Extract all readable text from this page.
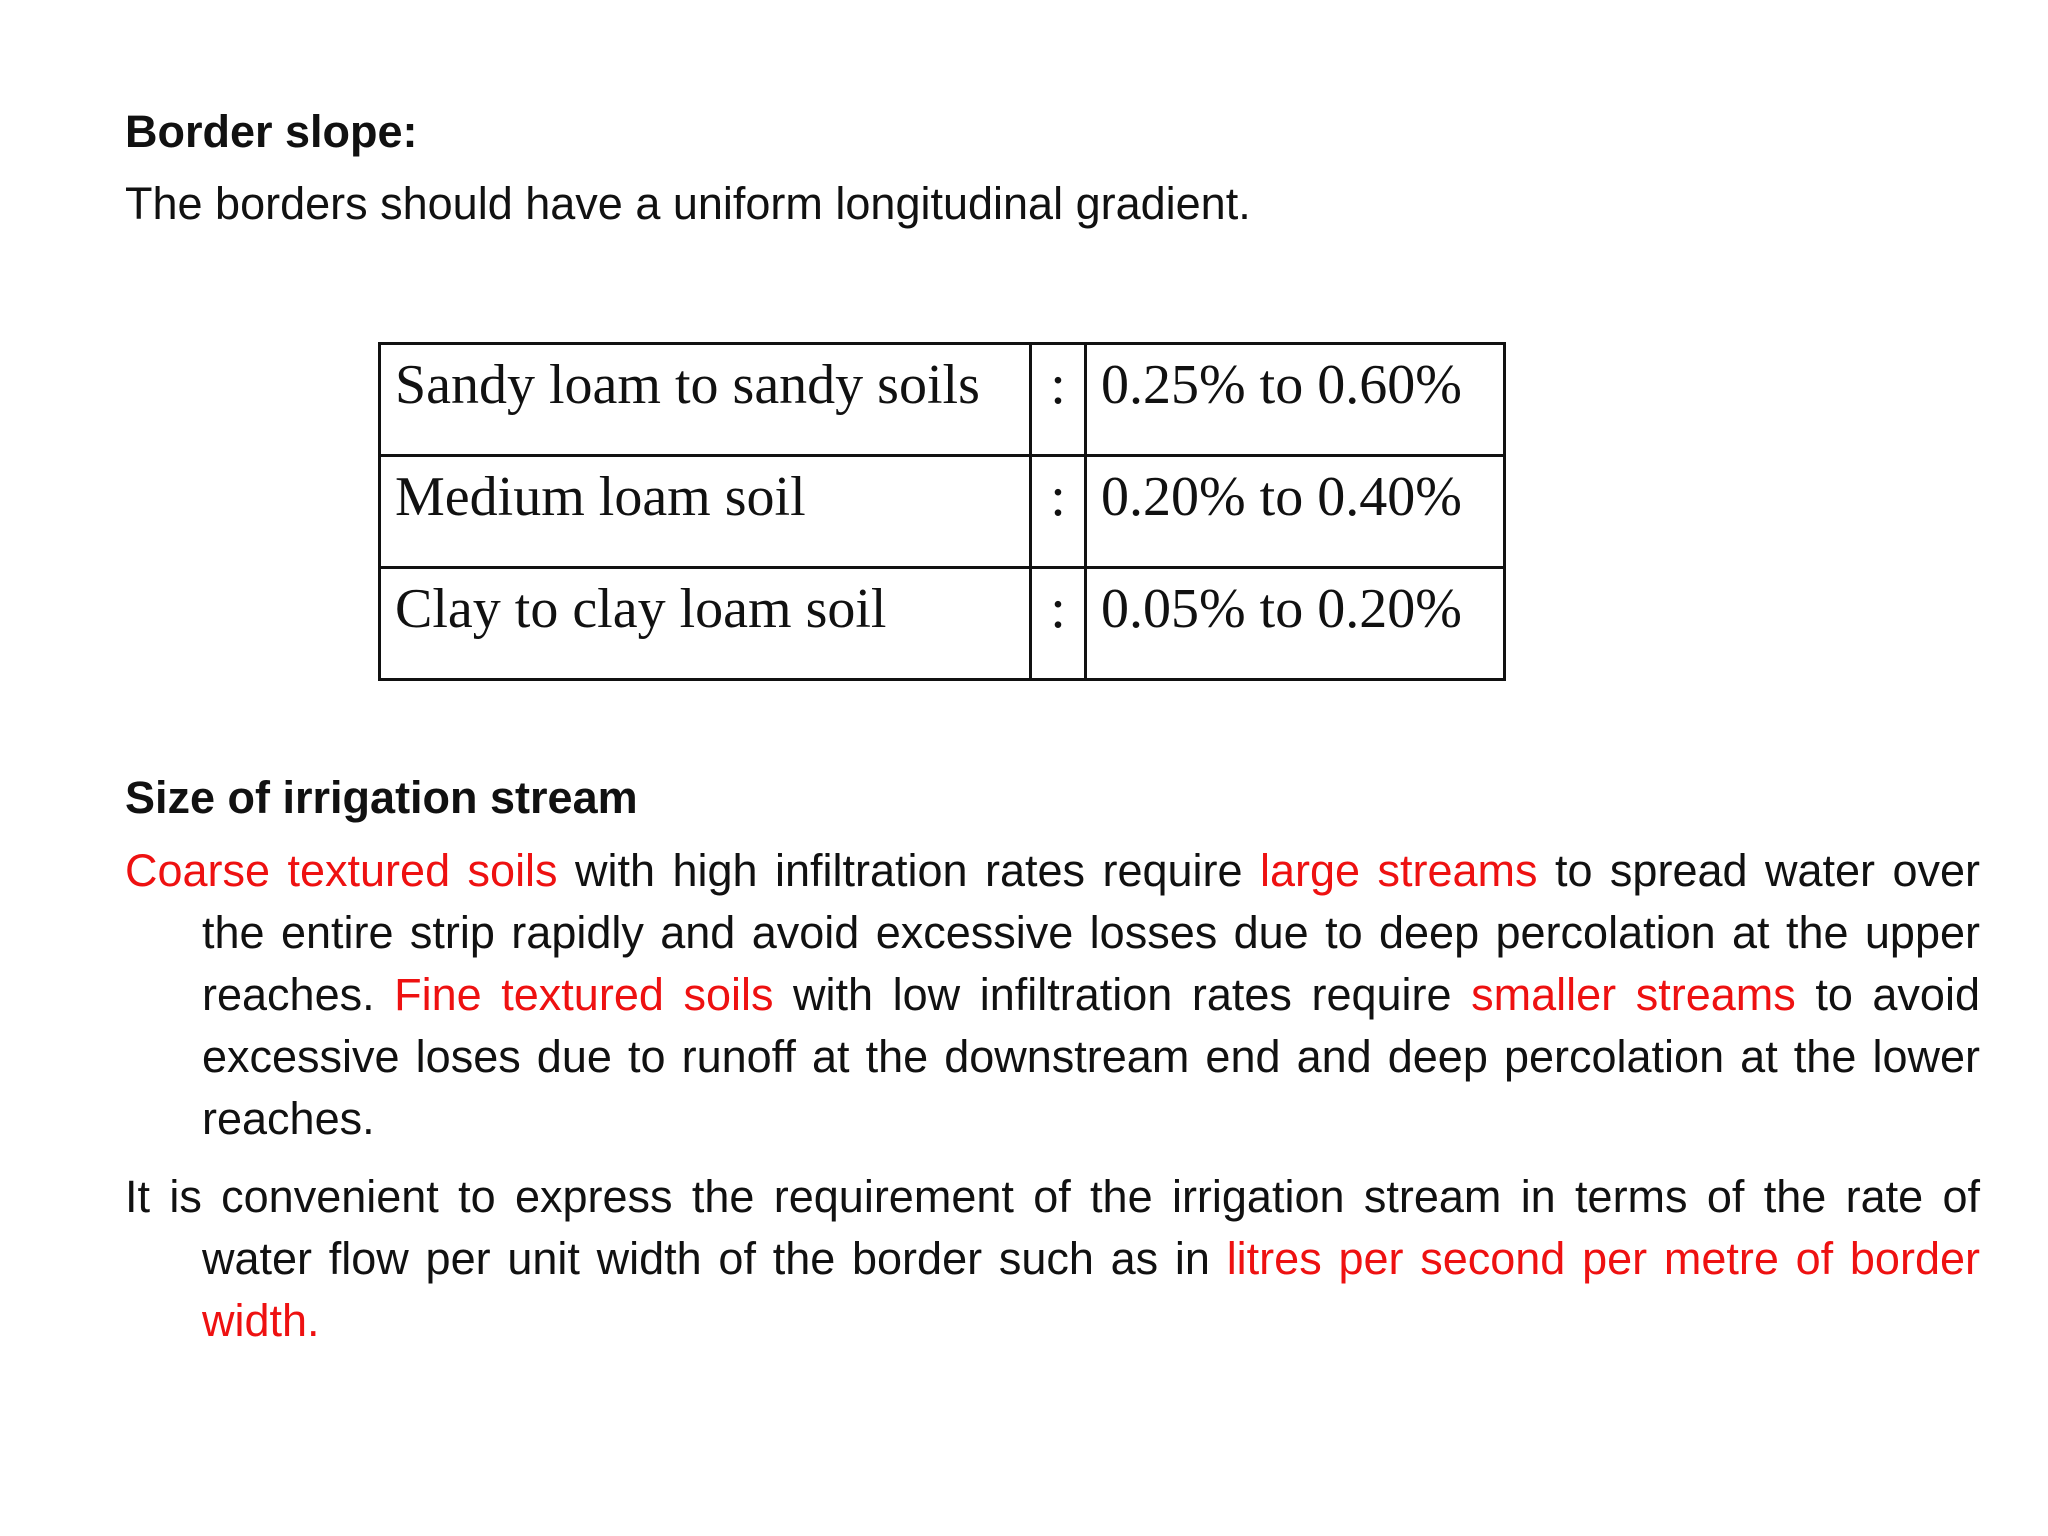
Border slope:

The borders should have a uniform longitudinal gradient.

Sandy loam to sandy soils	:	0.25% to 0.60%
Medium loam soil	:	0.20% to 0.40%
Clay to clay loam soil	:	0.05% to 0.20%
Size of irrigation stream

Coarse textured soils with high infiltration rates require large streams to spread water over the entire strip rapidly and avoid excessive losses due to deep percolation at the upper reaches. Fine textured soils with low infiltration rates require smaller streams to avoid excessive loses due to runoff at the downstream end and deep percolation at the lower reaches.

It is convenient to express the requirement of the irrigation stream in terms of the rate of water flow per unit width of the border such as in litres per second per metre of border width.
